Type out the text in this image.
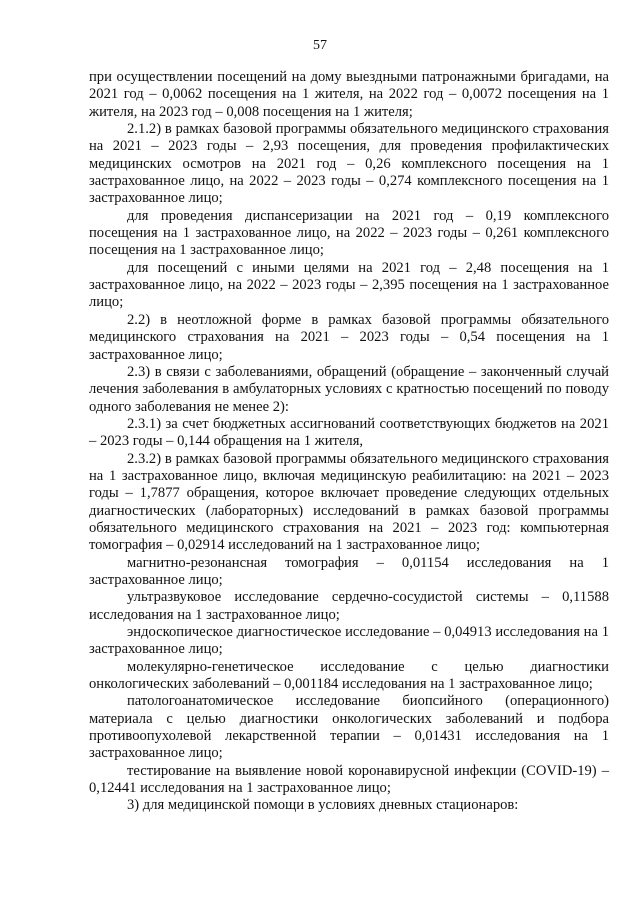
57

при осуществлении посещений на дому выездными патронажными бригадами, на 2021 год – 0,0062 посещения на 1 жителя, на 2022 год – 0,0072 посещения на 1 жителя, на 2023 год – 0,008 посещения на 1 жителя;

2.1.2) в рамках базовой программы обязательного медицинского страхования на 2021 – 2023 годы – 2,93 посещения, для проведения профилактических медицинских осмотров на 2021 год – 0,26 комплексного посещения на 1 застрахованное лицо, на 2022 – 2023 годы – 0,274 комплексного посещения на 1 застрахованное лицо;

для проведения диспансеризации на 2021 год – 0,19 комплексного посещения на 1 застрахованное лицо, на 2022 – 2023 годы – 0,261 комплексного посещения на 1 застрахованное лицо;

для посещений с иными целями на 2021 год – 2,48 посещения на 1 застрахованное лицо, на 2022 – 2023 годы – 2,395 посещения на 1 застрахованное лицо;

2.2) в неотложной форме в рамках базовой программы обязательного медицинского страхования на 2021 – 2023 годы – 0,54 посещения на 1 застрахованное лицо;

2.3) в связи с заболеваниями, обращений (обращение – законченный случай лечения заболевания в амбулаторных условиях с кратностью посещений по поводу одного заболевания не менее 2):

2.3.1) за счет бюджетных ассигнований соответствующих бюджетов на 2021 – 2023 годы – 0,144 обращения на 1 жителя,

2.3.2) в рамках базовой программы обязательного медицинского страхования на 1 застрахованное лицо, включая медицинскую реабилитацию: на 2021 – 2023 годы – 1,7877 обращения, которое включает проведение следующих отдельных диагностических (лабораторных) исследований в рамках базовой программы обязательного медицинского страхования на 2021 – 2023 год: компьютерная томография – 0,02914 исследований на 1 застрахованное лицо;

магнитно-резонансная томография – 0,01154 исследования на 1 застрахованное лицо;

ультразвуковое исследование сердечно-сосудистой системы – 0,11588 исследования на 1 застрахованное лицо;

эндоскопическое диагностическое исследование – 0,04913 исследования на 1 застрахованное лицо;

молекулярно-генетическое исследование с целью диагностики онкологических заболеваний – 0,001184 исследования на 1 застрахованное лицо;

патологоанатомическое исследование биопсийного (операционного) материала с целью диагностики онкологических заболеваний и подбора противоопухолевой лекарственной терапии – 0,01431 исследования на 1 застрахованное лицо;

тестирование на выявление новой коронавирусной инфекции (COVID-19) – 0,12441 исследования на 1 застрахованное лицо;

3) для медицинской помощи в условиях дневных стационаров:
